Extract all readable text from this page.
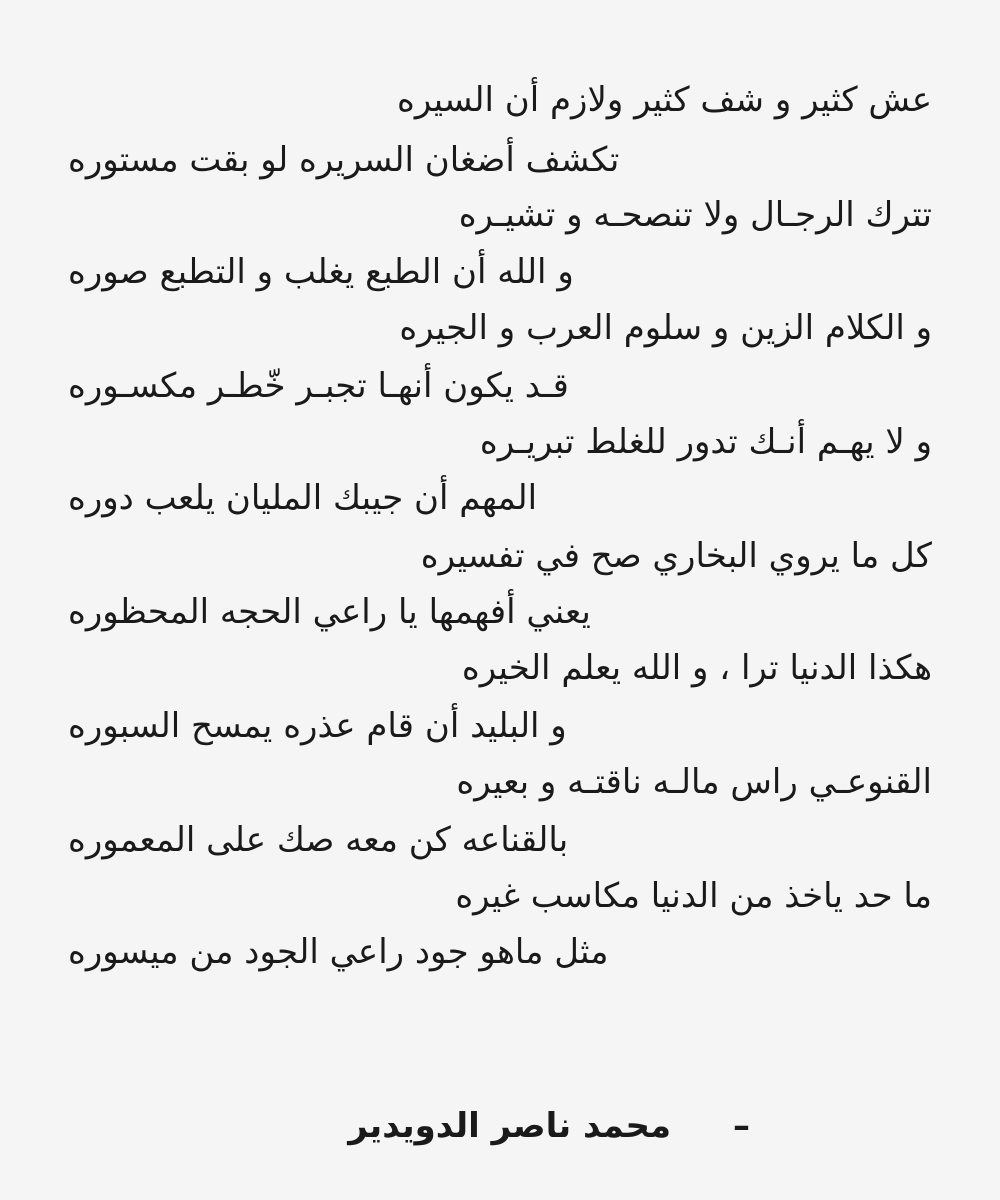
عش كثير و شف كثير ولازم أن السيره
تكشف أضغان السريره لو بقت مستوره
تترك الرجـال ولا تنصحـه و تشيـره
و الله أن الطبع يغلب و التطبع صوره
و الكلام الزين و سلوم العرب و الجيره
قـد يكون أنهـا تجبـر خّطـر مكسـوره
و لا يهـم أنـك تدور للغلط تبريـره
المهم أن جيبك المليان يلعب دوره
كل ما يروي البخاري صح في تفسيره
يعني أفهمها يا راعي الحجه المحظوره
هكذا الدنيا ترا ، و الله يعلم الخيره
و البليد أن قام عذره يمسح السبوره
القنوعـي راس مالـه ناقتـه و بعيره
بالقناعه كن معه صك على المعموره
ما حد ياخذ من الدنيا مكاسب غيره
مثل ماهو جود راعي الجود من ميسوره
–
محمد ناصر الدويدير
